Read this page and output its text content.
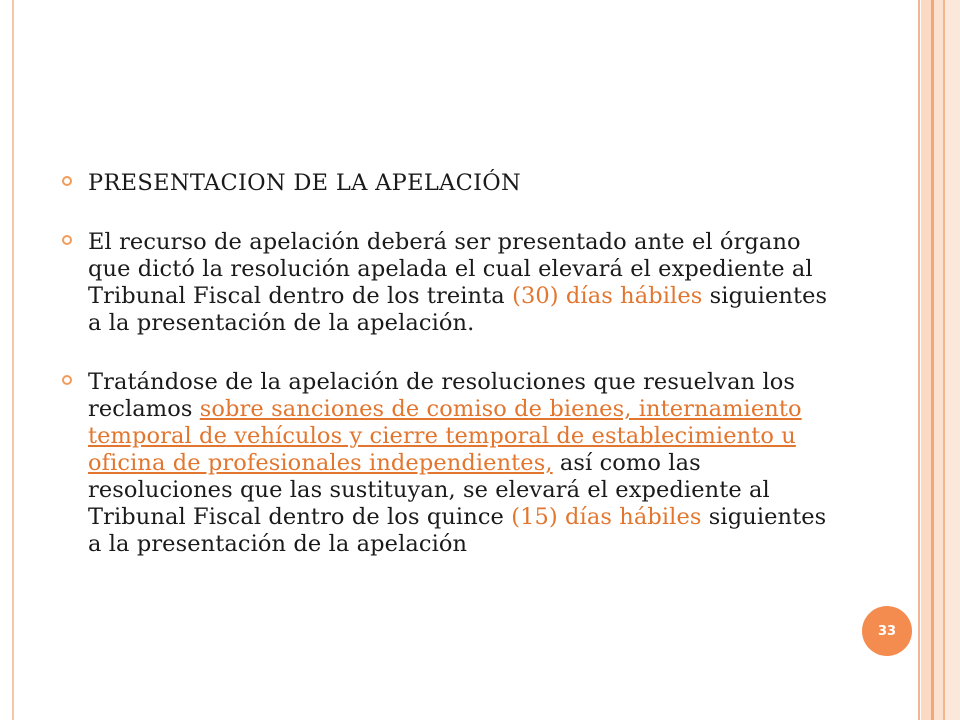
PRESENTACION DE LA APELACIÓN
El recurso de apelación deberá ser presentado ante el órgano que dictó la resolución apelada el cual elevará el expediente al Tribunal Fiscal dentro de los treinta (30) días hábiles siguientes a la presentación de la apelación.
Tratándose de la apelación de resoluciones que resuelvan los reclamos sobre sanciones de comiso de bienes, internamiento temporal de vehículos y cierre temporal de establecimiento u oficina de profesionales independientes, así como las resoluciones que las sustituyan, se elevará el expediente al Tribunal Fiscal dentro de los quince (15) días hábiles siguientes a la presentación de la apelación
33
